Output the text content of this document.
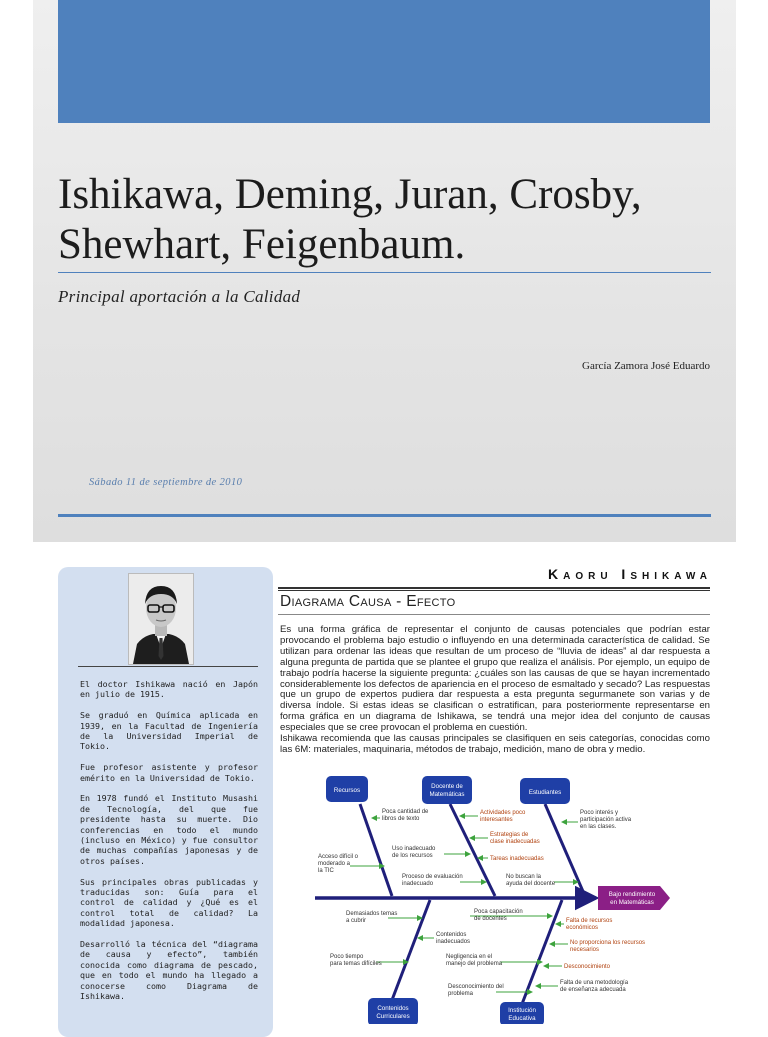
Ishikawa, Deming, Juran, Crosby,
Shewhart, Feigenbaum.

Principal aportación a la Calidad

García Zamora José Eduardo
Sábado 11 de septiembre de 2010

El doctor Ishikawa nació en Japón en julio de 1915.

Se graduó en Química aplicada en 1939, en la Facultad de Ingeniería de la Universidad Imperial de Tokio.

Fue profesor asistente y profesor emérito en la Universidad de Tokio.

En 1978 fundó el Instituto Musashi de Tecnología, del que fue presidente hasta su muerte. Dio conferencias en todo el mundo (incluso en México) y fue consultor de muchas compañías japonesas y de otros países.

Sus principales obras publicadas y traducidas son: Guía para el control de calidad y ¿Qué es el control total de calidad? La modalidad japonesa.

Desarrolló la técnica del “diagrama de causa y efecto”, también conocida como diagrama de pescado, que en todo el mundo ha llegado a conocerse como Diagrama de Ishikawa.

Kaoru Ishikawa
Diagrama Causa - Efecto

Es una forma gráfica de representar el conjunto de causas potenciales que podrían estar provocando el problema bajo estudio o influyendo en una determinada característica de calidad. Se utilizan para ordenar las ideas que resultan de um proceso de “lluvia de ideas” al dar respuesta a alguna pregunta de partida que se plantee el grupo que realiza el análisis. Por ejemplo, un equipo de trabajo podría hacerse la siguiente pregunta: ¿cuáles son las causas de que se hayan incrementado considerablemente los defectos de apariencia en el proceso de esmaltado y secado? Las respuestas que un grupo de expertos pudiera dar respuesta a esta pregunta segurmanete son varias y de diversa índole. Si estas ideas se clasifican o estratifican, para posteriormente representarse en forma gráfica en un diagrama de Ishikawa, se tendrá una mejor idea del conjunto de causas especiales que se cree provocan el problema en cuestión.

Ishikawa recomienda que las causas principales se clasifiquen en seis categorías, conocidas como las 6M: materiales, maquinaria, métodos de trabajo, medición, mano de obra y medio.

Bajo rendimiento
en Matemáticas
Recursos
Docente de
Matemáticas	Estudiantes
Contenidos
Curriculares
Institución
Educativa
Poca cantidad de
libros de texto
Acceso difícil o
moderado a
la TIC
Actividades poco
interesantes
Estrategias de
clase inadecuadas
Uso inadecuado
de los recursos	Tareas inadecuadas
Proceso de evaluación
inadecuado
Poco interés y
participación activa
en las clases.
No buscan la
ayuda del docente
Demasiados temas
a cubrir
Contenidos
inadecuados
Poco tiempo
para temas difíciles
Poca capacitación
de docentes
Negligencia en el
manejo del problema
Desconocimiento del
problema
Falta de recursos
económicos
No proporciona los recursos
necesarios
Desconocimiento
Falta de una metodología
de enseñanza adecuada
